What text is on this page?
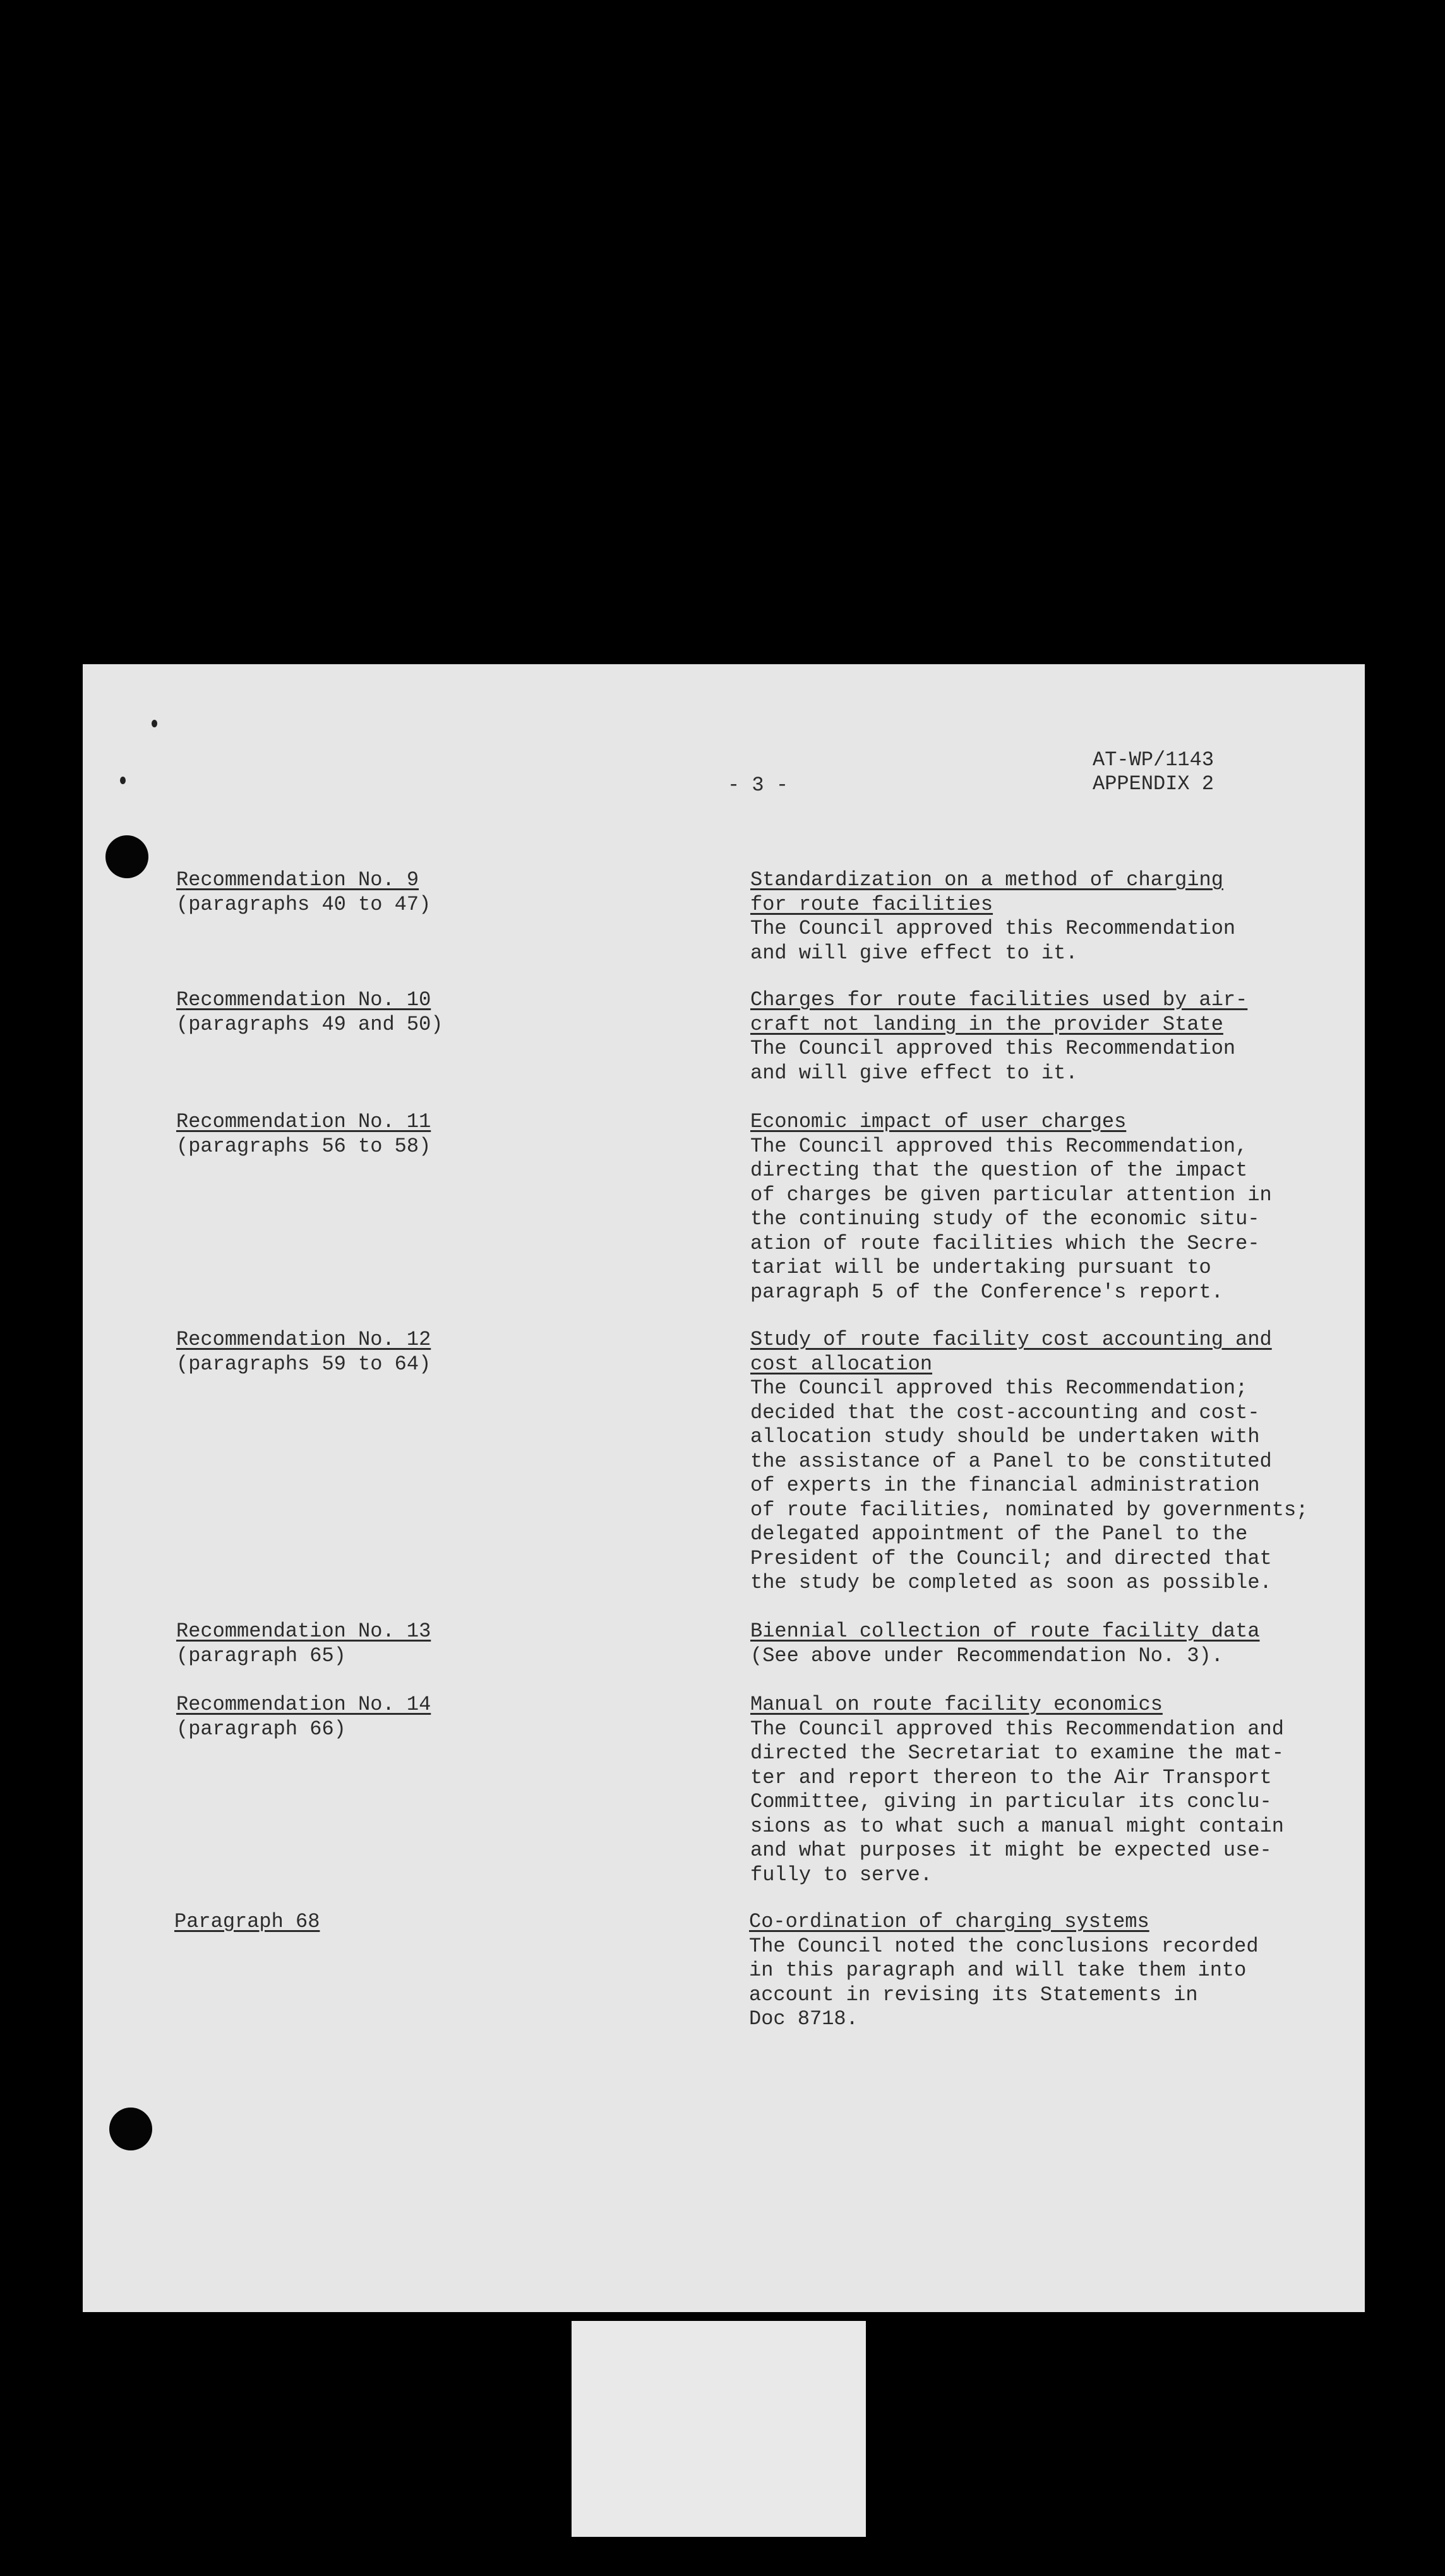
- 3 -
AT-WP/1143
APPENDIX 2
Recommendation No. 9
(paragraphs 40 to 47)
Standardization on a method of charging
for route facilities
The Council approved this Recommendation
and will give effect to it.
Recommendation No. 10
(paragraphs 49 and 50)
Charges for route facilities used by air-
craft not landing in the provider State
The Council approved this Recommendation
and will give effect to it.
Recommendation No. 11
(paragraphs 56 to 58)
Economic impact of user charges
The Council approved this Recommendation,
directing that the question of the impact
of charges be given particular attention in
the continuing study of the economic situ-
ation of route facilities which the Secre-
tariat will be undertaking pursuant to
paragraph 5 of the Conference's report.
Recommendation No. 12
(paragraphs 59 to 64)
Study of route facility cost accounting and
cost allocation
The Council approved this Recommendation;
decided that the cost-accounting and cost-
allocation study should be undertaken with
the assistance of a Panel to be constituted
of experts in the financial administration
of route facilities, nominated by governments;
delegated appointment of the Panel to the
President of the Council; and directed that
the study be completed as soon as possible.
Recommendation No. 13
(paragraph 65)
Biennial collection of route facility data
(See above under Recommendation No. 3).
Recommendation No. 14
(paragraph 66)
Manual on route facility economics
The Council approved this Recommendation and
directed the Secretariat to examine the mat-
ter and report thereon to the Air Transport
Committee, giving in particular its conclu-
sions as to what such a manual might contain
and what purposes it might be expected use-
fully to serve.
Paragraph 68	Co-ordination of charging systems
The Council noted the conclusions recorded
in this paragraph and will take them into
account in revising its Statements in
Doc 8718.
